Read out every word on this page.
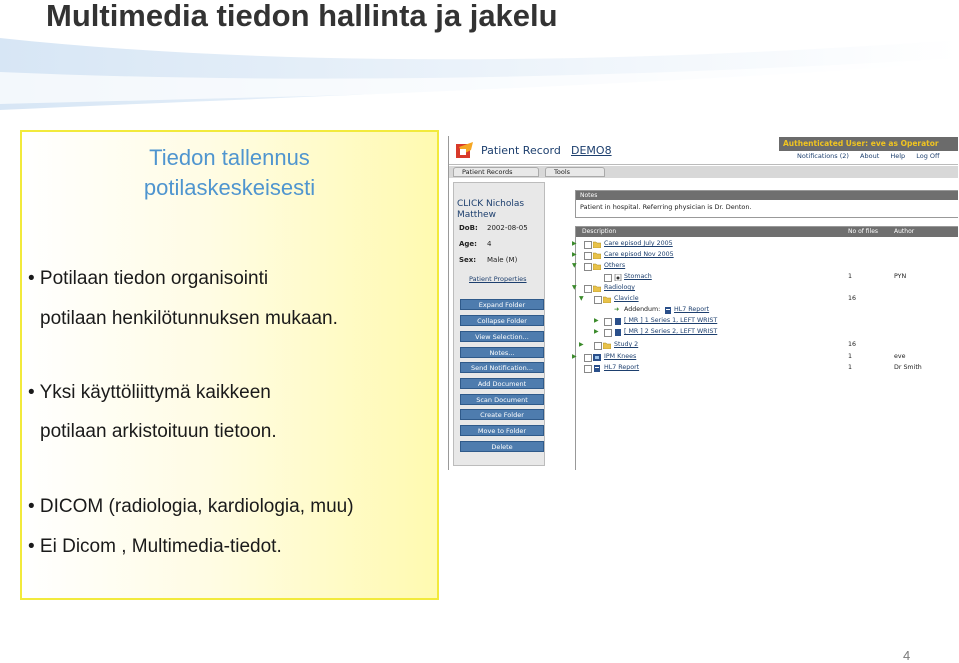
Multimedia tiedon hallinta ja jakelu
Tiedon tallennus
potilaskeskeisesti
• Potilaan tiedon organisointi
potilaan henkilötunnuksen mukaan.
• Yksi käyttöliittymä kaikkeen
potilaan arkistoituun tietoon.
• DICOM (radiologia, kardiologia, muu)
• Ei Dicom , Multimedia-tiedot.
Patient Record DEMO8
Authenticated User: eve as Operator
Notifications (2) About Help Log Off
Patient Records	Tools
CLICK Nicholas
Matthew
DoB: 2002-08-05
Age: 4
Sex: Male (M)
Patient Properties
Expand Folder
Collapse Folder
View Selection...
Notes...
Send Notification...
Add Document
Scan Document
Create Folder
Move to Folder
Delete
Notes
Patient in hospital. Referring physician is Dr. Denton.
Description	No of files	Author
▶	Care episod July 2005
▶	Care episod Nov 2005
▼	Others
Stomach	1	PYN
▼	Radiology
▼	Clavicle	16
➜ Addendum: HL7 Report
▶	[ MR ] 1 Series 1, LEFT WRIST
▶	[ MR ] 2 Series 2, LEFT WRIST
▶	Study 2	16
▶	IPM Knees	1	eve
HL7 Report	1	Dr Smith
4
